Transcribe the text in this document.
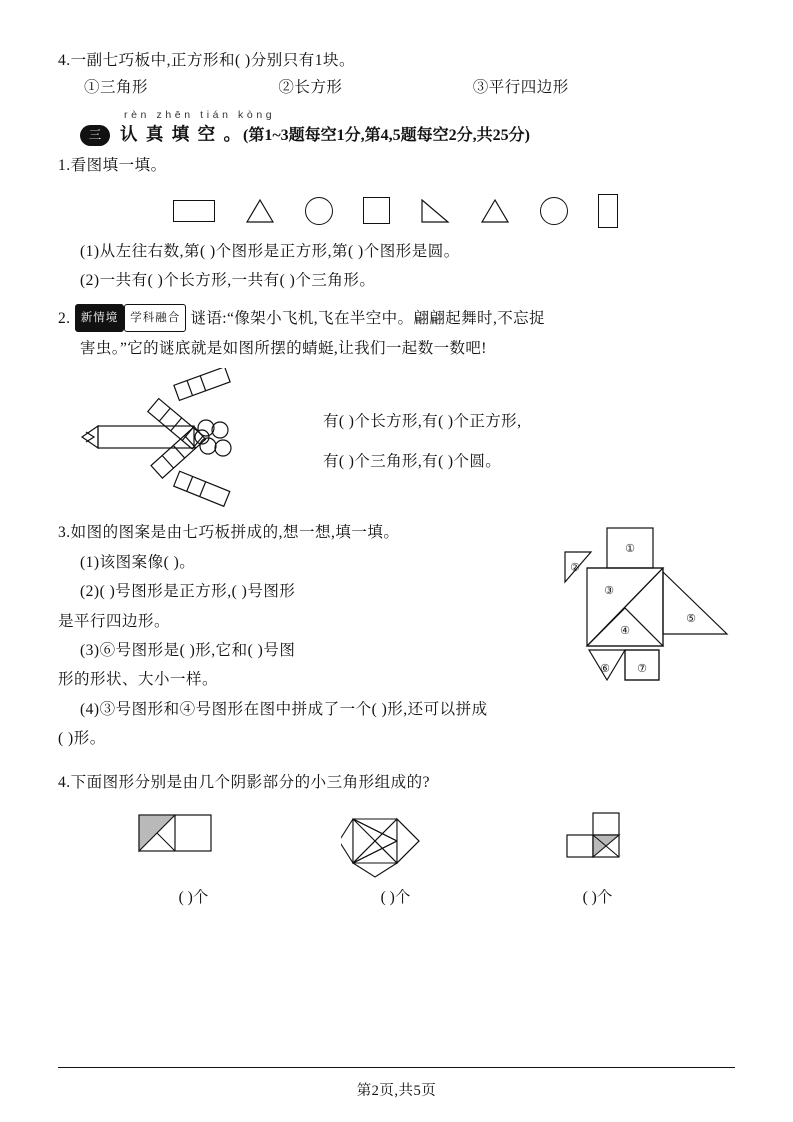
4.一副七巧板中,正方形和( )分别只有1块。
①三角形	②长方形	③平行四边形
rèn zhēn tián kòng
三	认 真 填 空 。(第1~3题每空1分,第4,5题每空2分,共25分)
1.看图填一填。
(1)从左往右数,第( )个图形是正方形,第( )个图形是圆。
(2)一共有( )个长方形,一共有( )个三角形。
2. 新情境 学科融合 谜语:“像架小飞机,飞在半空中。翩翩起舞时,不忘捉
害虫。”它的谜底就是如图所摆的蜻蜓,让我们一起数一数吧!
有( )个长方形,有( )个正方形,
有( )个三角形,有( )个圆。
3.如图的图案是由七巧板拼成的,想一想,填一填。
(1)该图案像( )。
(2)( )号图形是正方形,( )号图形
是平行四边形。
(3)⑥号图形是( )形,它和( )号图
形的形状、大小一样。
(4)③号图形和④号图形在图中拼成了一个( )形,还可以拼成
( )形。
①
②
③
④
⑤
⑥ ⑦
4.下面图形分别是由几个阴影部分的小三角形组成的?
( )个	( )个	( )个
第2页,共5页
